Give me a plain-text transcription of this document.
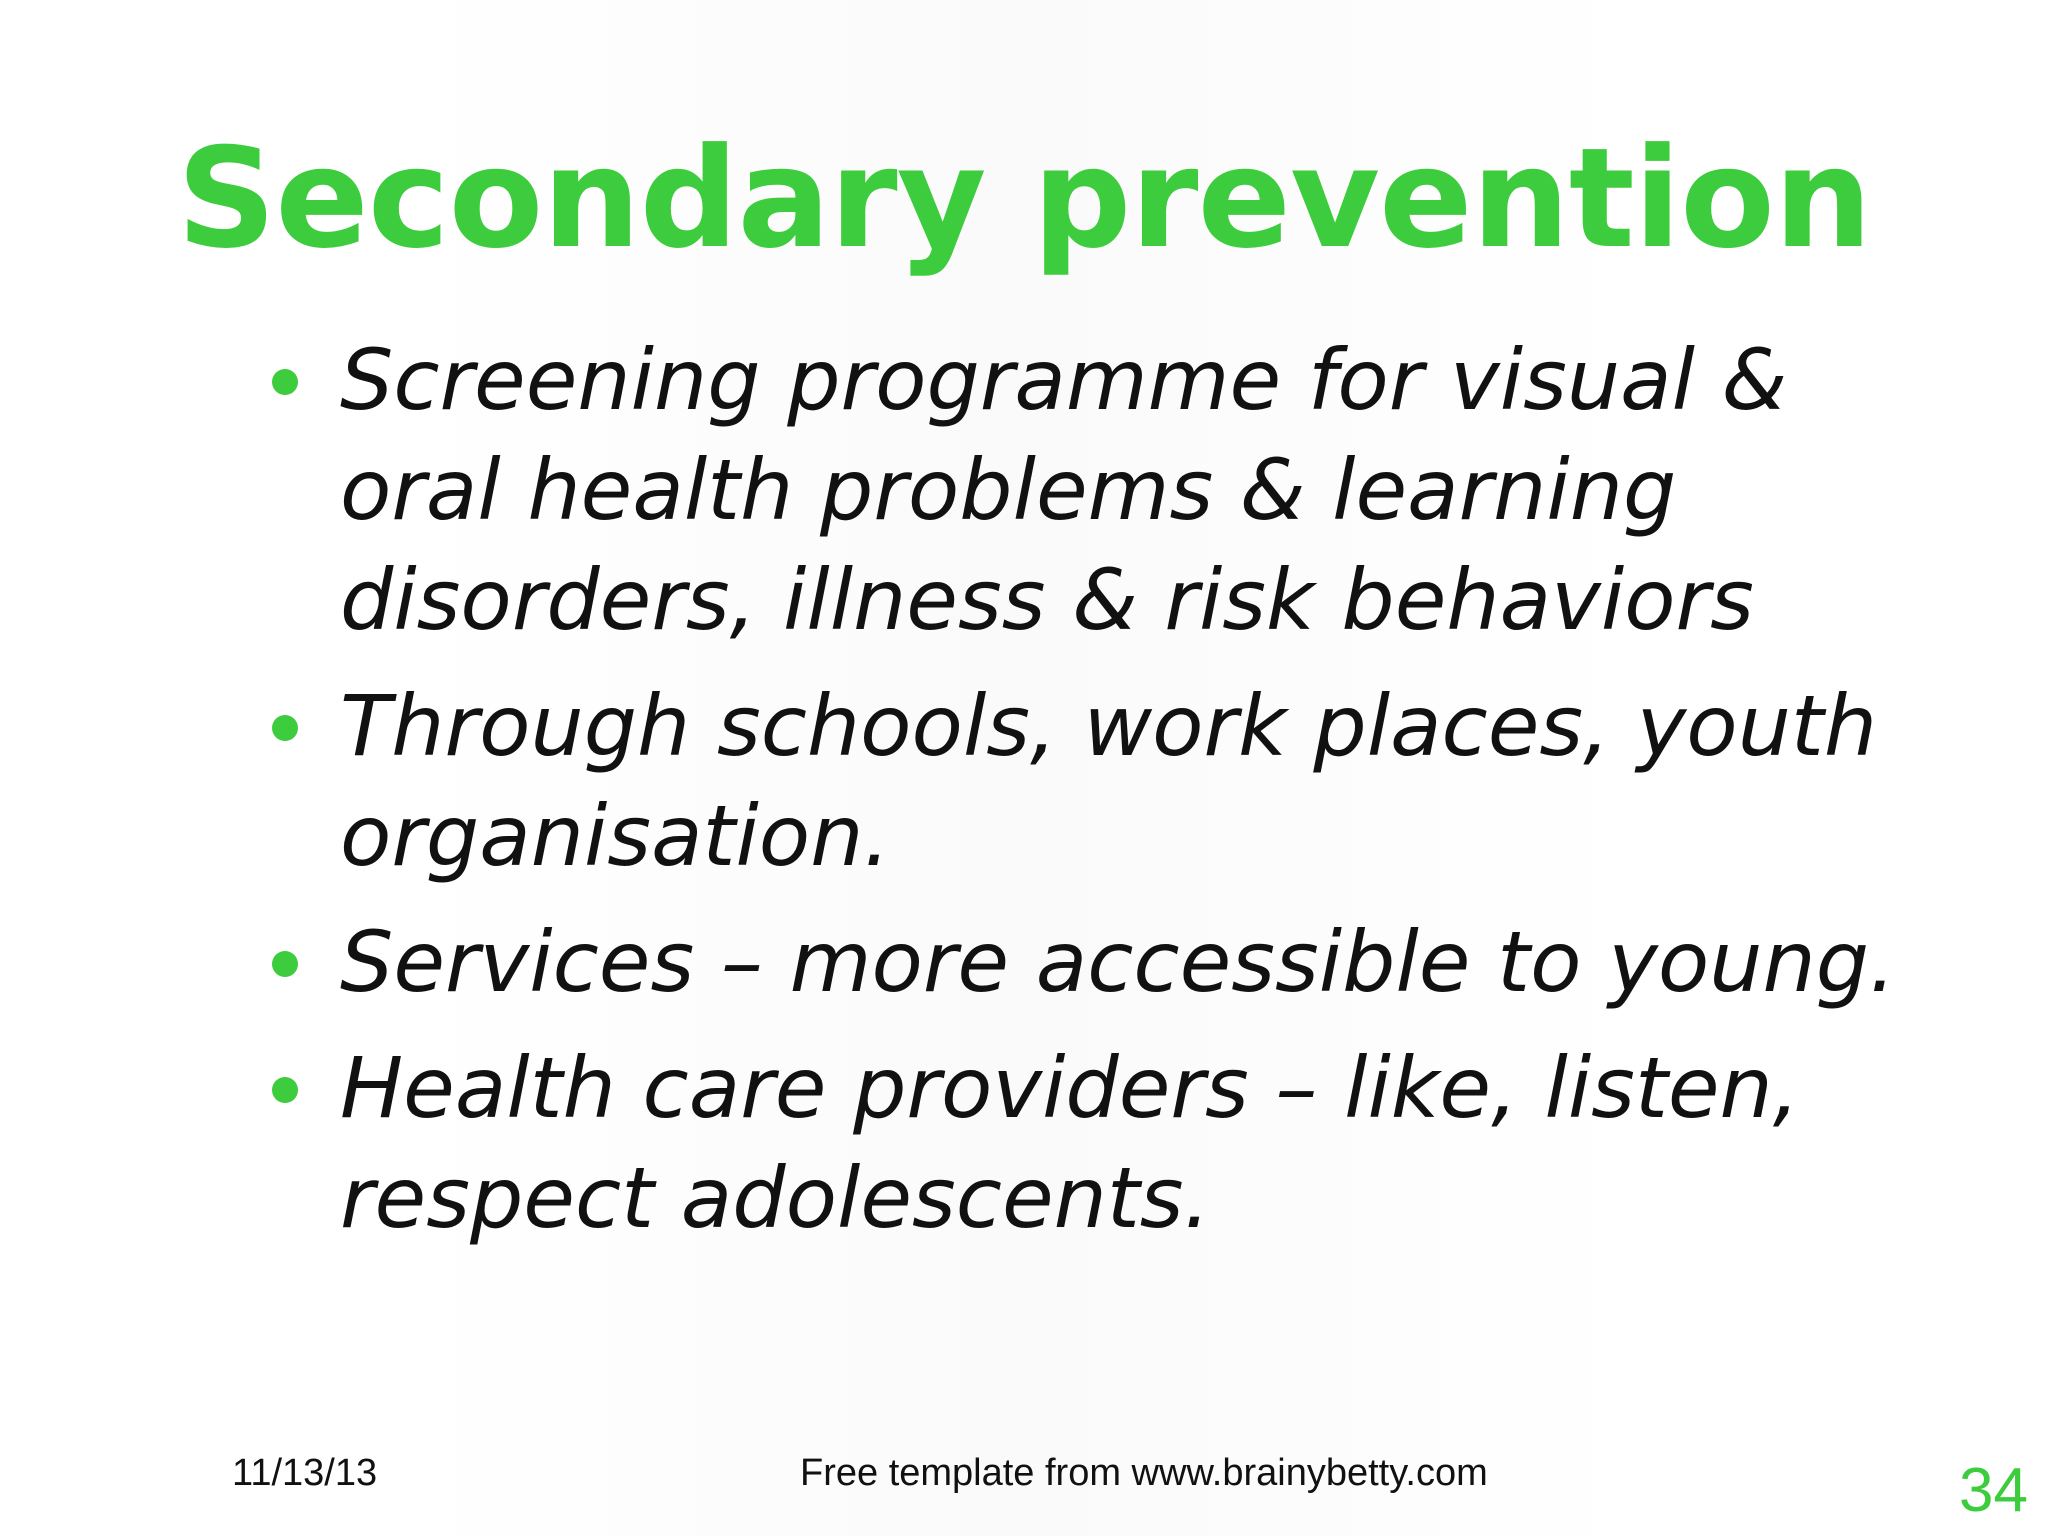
Secondary prevention
Screening programme for visual & oral health problems & learning disorders, illness & risk behaviors
Through schools, work places, youth organisation.
Services – more accessible to young.
Health care providers – like, listen, respect adolescents.
11/13/13	Free template from www.brainybetty.com	34
